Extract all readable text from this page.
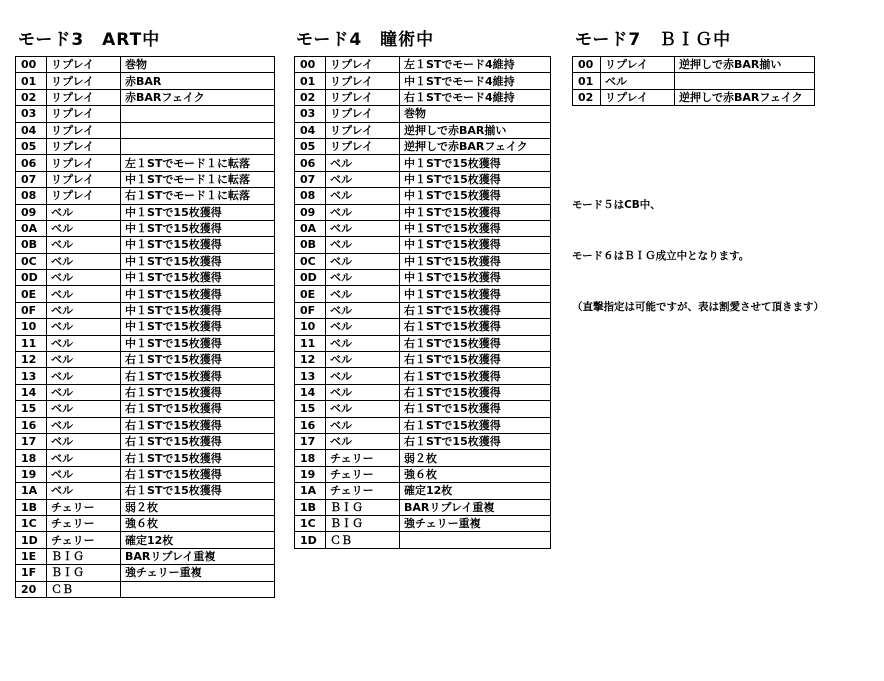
モード3　ART中
00	リプレイ	巻物
01	リプレイ	赤BAR
02	リプレイ	赤BARフェイク
03	リプレイ	
04	リプレイ	
05	リプレイ	
06	リプレイ	左１STでモード１に転落
07	リプレイ	中１STでモード１に転落
08	リプレイ	右１STでモード１に転落
09	ベル	中１STで15枚獲得
0A	ベル	中１STで15枚獲得
0B	ベル	中１STで15枚獲得
0C	ベル	中１STで15枚獲得
0D	ベル	中１STで15枚獲得
0E	ベル	中１STで15枚獲得
0F	ベル	中１STで15枚獲得
10	ベル	中１STで15枚獲得
11	ベル	中１STで15枚獲得
12	ベル	右１STで15枚獲得
13	ベル	右１STで15枚獲得
14	ベル	右１STで15枚獲得
15	ベル	右１STで15枚獲得
16	ベル	右１STで15枚獲得
17	ベル	右１STで15枚獲得
18	ベル	右１STで15枚獲得
19	ベル	右１STで15枚獲得
1A	ベル	右１STで15枚獲得
1B	チェリー	弱２枚
1C	チェリー	強６枚
1D	チェリー	確定12枚
1E	ＢＩＧ	BARリプレイ重複
1F	ＢＩＧ	強チェリー重複
20	ＣＢ	
モード4　瞳術中
00	リプレイ	左１STでモード4維持
01	リプレイ	中１STでモード4維持
02	リプレイ	右１STでモード4維持
03	リプレイ	巻物
04	リプレイ	逆押しで赤BAR揃い
05	リプレイ	逆押しで赤BARフェイク
06	ベル	中１STで15枚獲得
07	ベル	中１STで15枚獲得
08	ベル	中１STで15枚獲得
09	ベル	中１STで15枚獲得
0A	ベル	中１STで15枚獲得
0B	ベル	中１STで15枚獲得
0C	ベル	中１STで15枚獲得
0D	ベル	中１STで15枚獲得
0E	ベル	中１STで15枚獲得
0F	ベル	右１STで15枚獲得
10	ベル	右１STで15枚獲得
11	ベル	右１STで15枚獲得
12	ベル	右１STで15枚獲得
13	ベル	右１STで15枚獲得
14	ベル	右１STで15枚獲得
15	ベル	右１STで15枚獲得
16	ベル	右１STで15枚獲得
17	ベル	右１STで15枚獲得
18	チェリー	弱２枚
19	チェリー	強６枚
1A	チェリー	確定12枚
1B	ＢＩＧ	BARリプレイ重複
1C	ＢＩＧ	強チェリー重複
1D	ＣＢ	
モード7　ＢＩＧ中
00	リプレイ	逆押しで赤BAR揃い
01	ベル	
02	リプレイ	逆押しで赤BARフェイク

モード５はCB中、

モード６はＢＩＧ成立中となります。

（直撃指定は可能ですが、表は割愛させて頂きます）
